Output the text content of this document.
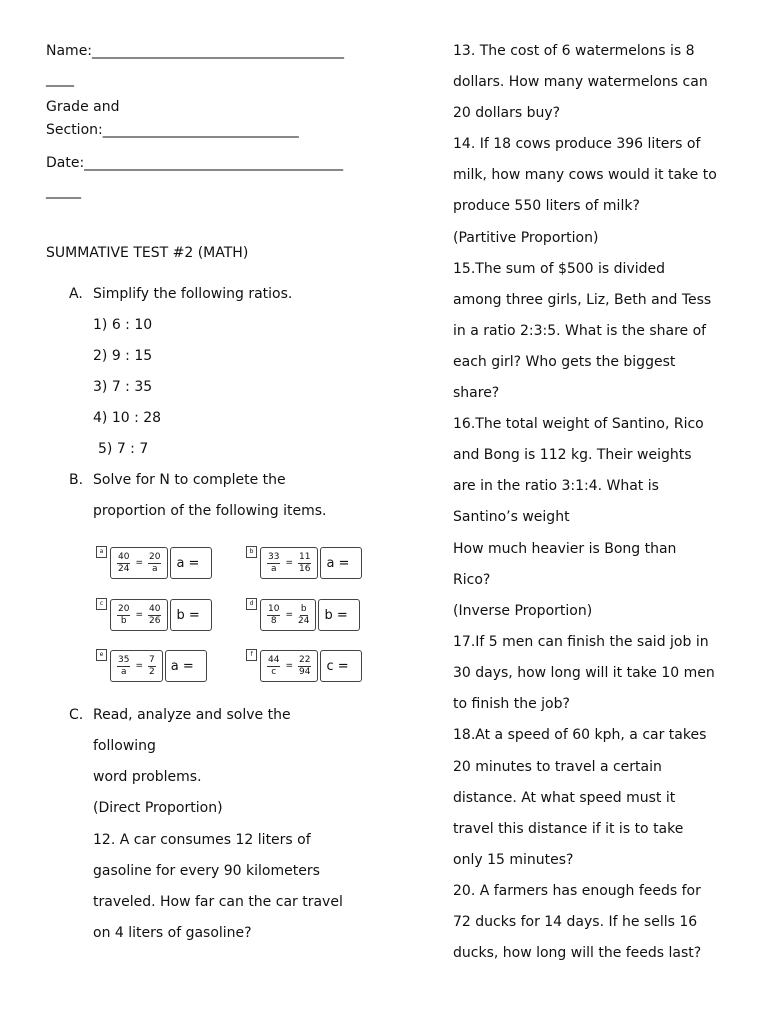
Name:____________________________________
____
Grade and
Section:____________________________
Date:_____________________________________
_____
SUMMATIVE TEST #2 (MATH)
A. Simplify the following ratios.
1) 6 : 10
2) 9 : 15
3) 7 : 35
4) 10 : 28
5) 7 : 7
B. Solve for N to complete the
proportion of the following items.
a	$\frac{40}{24} = \frac{20}{a}$	a =
b	$\frac{33}{a} = \frac{11}{16}$	a =
c	$\frac{20}{b} = \frac{40}{26}$	b =
d	$\frac{10}{8} = \frac{b}{24}$	b =
e	$\frac{35}{a} = \frac{7}{2}$	a =
f	$\frac{44}{c} = \frac{22}{94}$	c =
C. Read, analyze and solve the
following
word problems.
(Direct Proportion)
12. A car consumes 12 liters of
gasoline for every 90 kilometers
traveled. How far can the car travel
on 4 liters of gasoline?
13. The cost of 6 watermelons is 8
dollars. How many watermelons can
20 dollars buy?
14. If 18 cows produce 396 liters of
milk, how many cows would it take to
produce 550 liters of milk?
(Partitive Proportion)
15.The sum of $500 is divided
among three girls, Liz, Beth and Tess
in a ratio 2:3:5. What is the share of
each girl? Who gets the biggest
share?
16.The total weight of Santino, Rico
and Bong is 112 kg. Their weights
are in the ratio 3:1:4. What is
Santino’s weight
How much heavier is Bong than
Rico?
(Inverse Proportion)
17.If 5 men can finish the said job in
30 days, how long will it take 10 men
to finish the job?
18.At a speed of 60 kph, a car takes
20 minutes to travel a certain
distance. At what speed must it
travel this distance if it is to take
only 15 minutes?
20. A farmers has enough feeds for
72 ducks for 14 days. If he sells 16
ducks, how long will the feeds last?
